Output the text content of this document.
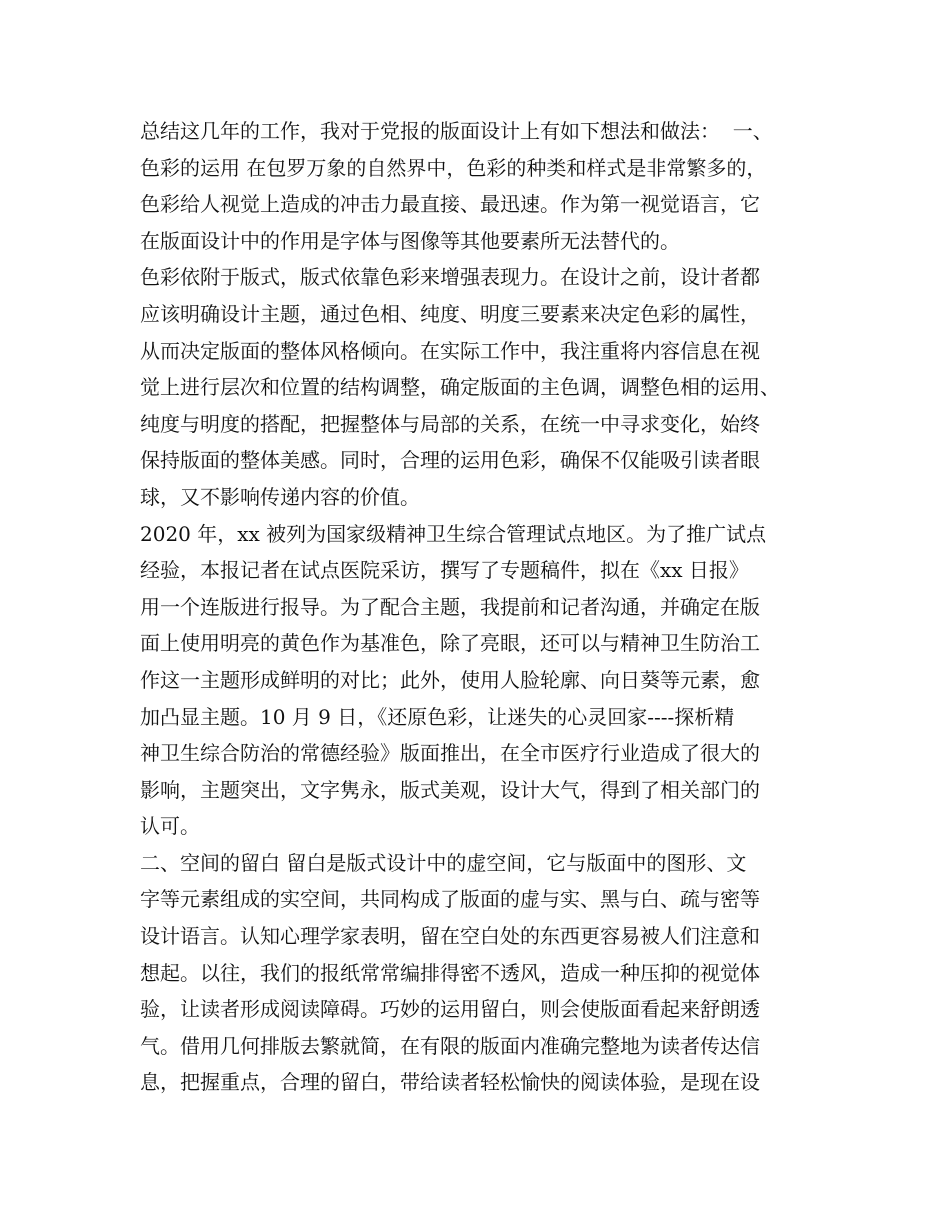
总结这几年的工作，我对于党报的版面设计上有如下想法和做法：  一、
色彩的运用 在包罗万象的自然界中，色彩的种类和样式是非常繁多的，
色彩给人视觉上造成的冲击力最直接、最迅速。作为第一视觉语言，它
在版面设计中的作用是字体与图像等其他要素所无法替代的。
色彩依附于版式，版式依靠色彩来增强表现力。在设计之前，设计者都
应该明确设计主题，通过色相、纯度、明度三要素来决定色彩的属性，
从而决定版面的整体风格倾向。在实际工作中，我注重将内容信息在视
觉上进行层次和位置的结构调整，确定版面的主色调，调整色相的运用、
纯度与明度的搭配，把握整体与局部的关系，在统一中寻求变化，始终
保持版面的整体美感。同时，合理的运用色彩，确保不仅能吸引读者眼
球，又不影响传递内容的价值。
2020 年，xx 被列为国家级精神卫生综合管理试点地区。为了推广试点
经验，本报记者在试点医院采访，撰写了专题稿件，拟在《xx 日报》
用一个连版进行报导。为了配合主题，我提前和记者沟通，并确定在版
面上使用明亮的黄色作为基准色，除了亮眼，还可以与精神卫生防治工
作这一主题形成鲜明的对比；此外，使用人脸轮廓、向日葵等元素，愈
加凸显主题。10 月 9 日，《还原色彩，让迷失的心灵回家----探析精
神卫生综合防治的常德经验》版面推出，在全市医疗行业造成了很大的
影响，主题突出，文字隽永，版式美观，设计大气，得到了相关部门的
认可。
二、空间的留白 留白是版式设计中的虚空间，它与版面中的图形、文
字等元素组成的实空间，共同构成了版面的虚与实、黑与白、疏与密等
设计语言。认知心理学家表明，留在空白处的东西更容易被人们注意和
想起。以往，我们的报纸常常编排得密不透风，造成一种压抑的视觉体
验，让读者形成阅读障碍。巧妙的运用留白，则会使版面看起来舒朗透
气。借用几何排版去繁就简，在有限的版面内准确完整地为读者传达信
息，把握重点，合理的留白，带给读者轻松愉快的阅读体验，是现在设
